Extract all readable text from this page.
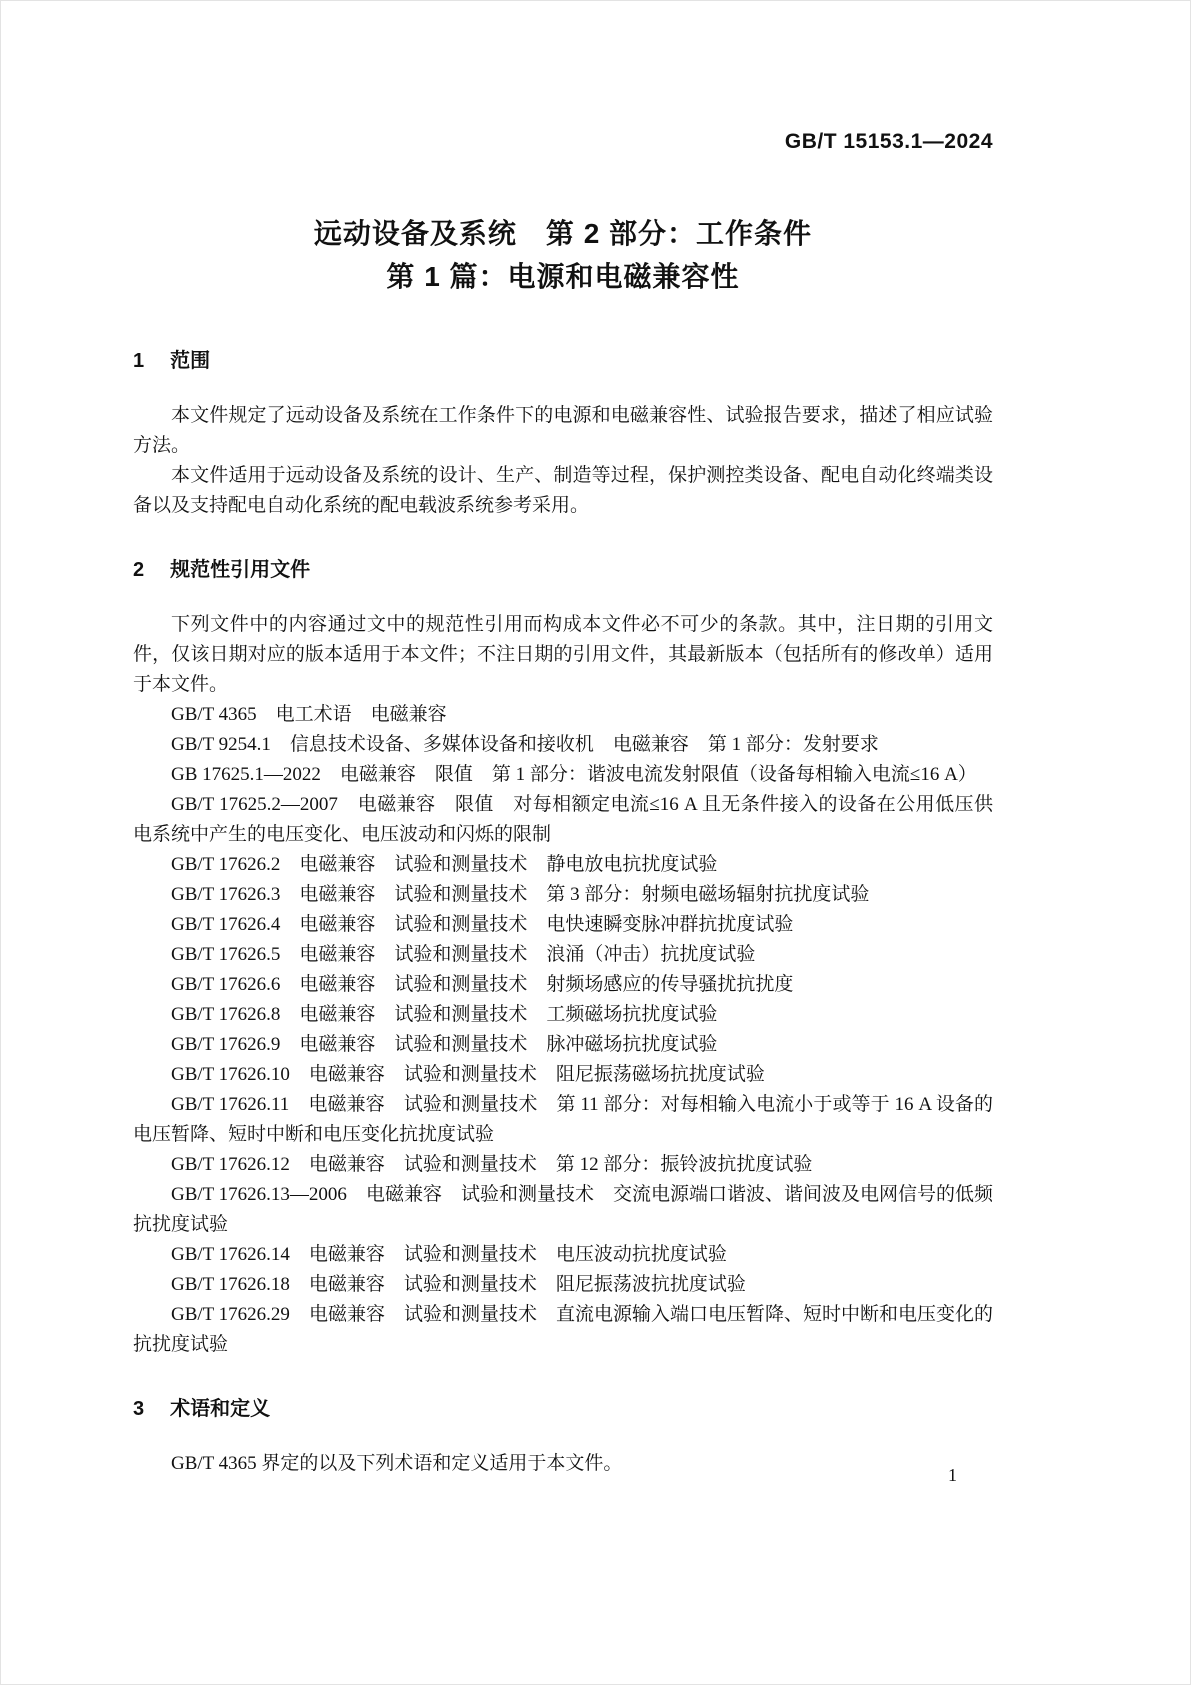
GB/T 15153.1—2024
远动设备及系统　第 2 部分：工作条件
第 1 篇：电源和电磁兼容性
1 范围

本文件规定了远动设备及系统在工作条件下的电源和电磁兼容性、试验报告要求，描述了相应试验方法。

本文件适用于远动设备及系统的设计、生产、制造等过程，保护测控类设备、配电自动化终端类设备以及支持配电自动化系统的配电载波系统参考采用。

2 规范性引用文件

下列文件中的内容通过文中的规范性引用而构成本文件必不可少的条款。其中，注日期的引用文件，仅该日期对应的版本适用于本文件；不注日期的引用文件，其最新版本（包括所有的修改单）适用于本文件。

GB/T 4365　电工术语　电磁兼容

GB/T 9254.1　信息技术设备、多媒体设备和接收机　电磁兼容　第 1 部分：发射要求

GB 17625.1—2022　电磁兼容　限值　第 1 部分：谐波电流发射限值（设备每相输入电流≤16 A）

GB/T 17625.2—2007　电磁兼容　限值　对每相额定电流≤16 A 且无条件接入的设备在公用低压供电系统中产生的电压变化、电压波动和闪烁的限制

GB/T 17626.2　电磁兼容　试验和测量技术　静电放电抗扰度试验

GB/T 17626.3　电磁兼容　试验和测量技术　第 3 部分：射频电磁场辐射抗扰度试验

GB/T 17626.4　电磁兼容　试验和测量技术　电快速瞬变脉冲群抗扰度试验

GB/T 17626.5　电磁兼容　试验和测量技术　浪涌（冲击）抗扰度试验

GB/T 17626.6　电磁兼容　试验和测量技术　射频场感应的传导骚扰抗扰度

GB/T 17626.8　电磁兼容　试验和测量技术　工频磁场抗扰度试验

GB/T 17626.9　电磁兼容　试验和测量技术　脉冲磁场抗扰度试验

GB/T 17626.10　电磁兼容　试验和测量技术　阻尼振荡磁场抗扰度试验

GB/T 17626.11　电磁兼容　试验和测量技术　第 11 部分：对每相输入电流小于或等于 16 A 设备的电压暂降、短时中断和电压变化抗扰度试验

GB/T 17626.12　电磁兼容　试验和测量技术　第 12 部分：振铃波抗扰度试验

GB/T 17626.13—2006　电磁兼容　试验和测量技术　交流电源端口谐波、谐间波及电网信号的低频抗扰度试验

GB/T 17626.14　电磁兼容　试验和测量技术　电压波动抗扰度试验

GB/T 17626.18　电磁兼容　试验和测量技术　阻尼振荡波抗扰度试验

GB/T 17626.29　电磁兼容　试验和测量技术　直流电源输入端口电压暂降、短时中断和电压变化的抗扰度试验

3 术语和定义

GB/T 4365 界定的以及下列术语和定义适用于本文件。

1
